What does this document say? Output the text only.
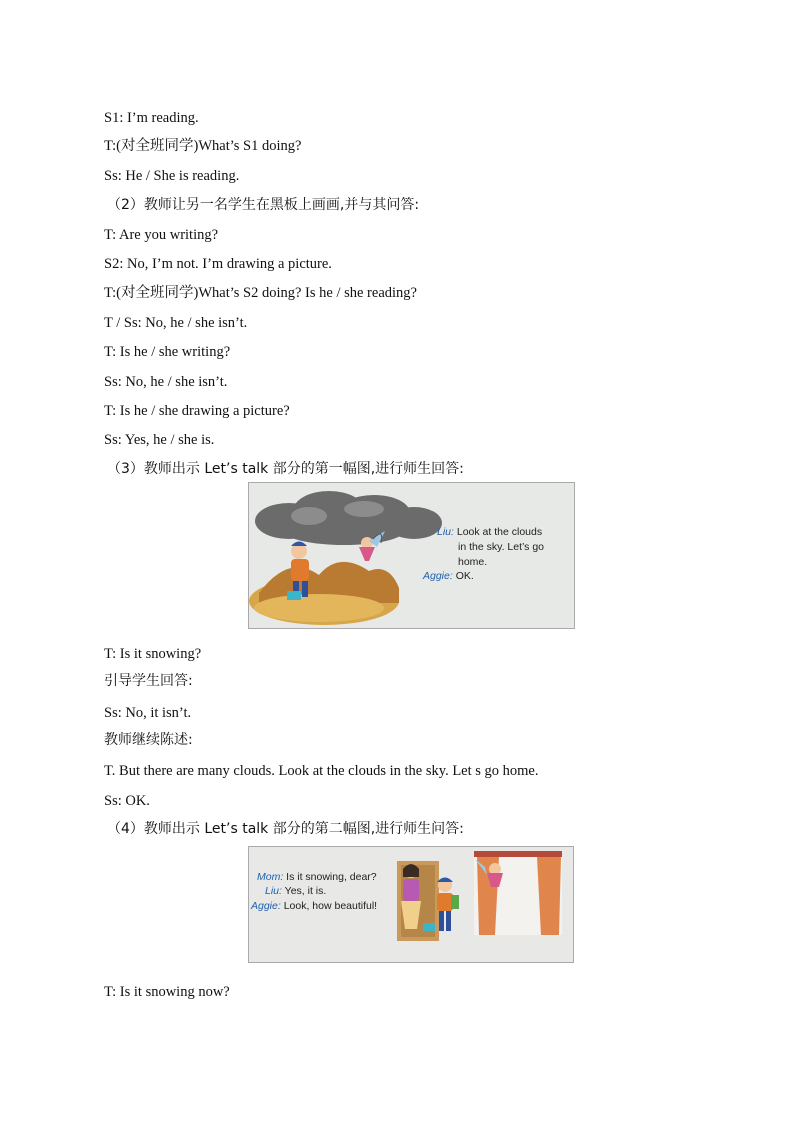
S1: I’m reading.
T:(对全班同学)What’s S1 doing?
Ss: He / She is reading.
（2）教师让另一名学生在黑板上画画,并与其问答:
T: Are you writing?
S2: No, I’m not. I’m drawing a picture.
T:(对全班同学)What’s S2 doing? Is he / she reading?
T / Ss: No, he / she isn’t.
T: Is he / she writing?
Ss: No, he / she isn’t.
T: Is he / she drawing a picture?
Ss: Yes, he / she is.
（3）教师出示 Let’s talk 部分的第一幅图,进行师生回答:
Liu: Look at the clouds
in the sky. Let’s go
home.
Aggie: OK.
T: Is it snowing?
引导学生回答:
Ss: No, it isn’t.
教师继续陈述:
T. But there are many clouds. Look at the clouds in the sky. Let s go home.
Ss: OK.
（4）教师出示 Let’s talk 部分的第二幅图,进行师生问答:
Mom: Is it snowing, dear?
Liu: Yes, it is.
Aggie: Look, how beautiful!
T: Is it snowing now?
